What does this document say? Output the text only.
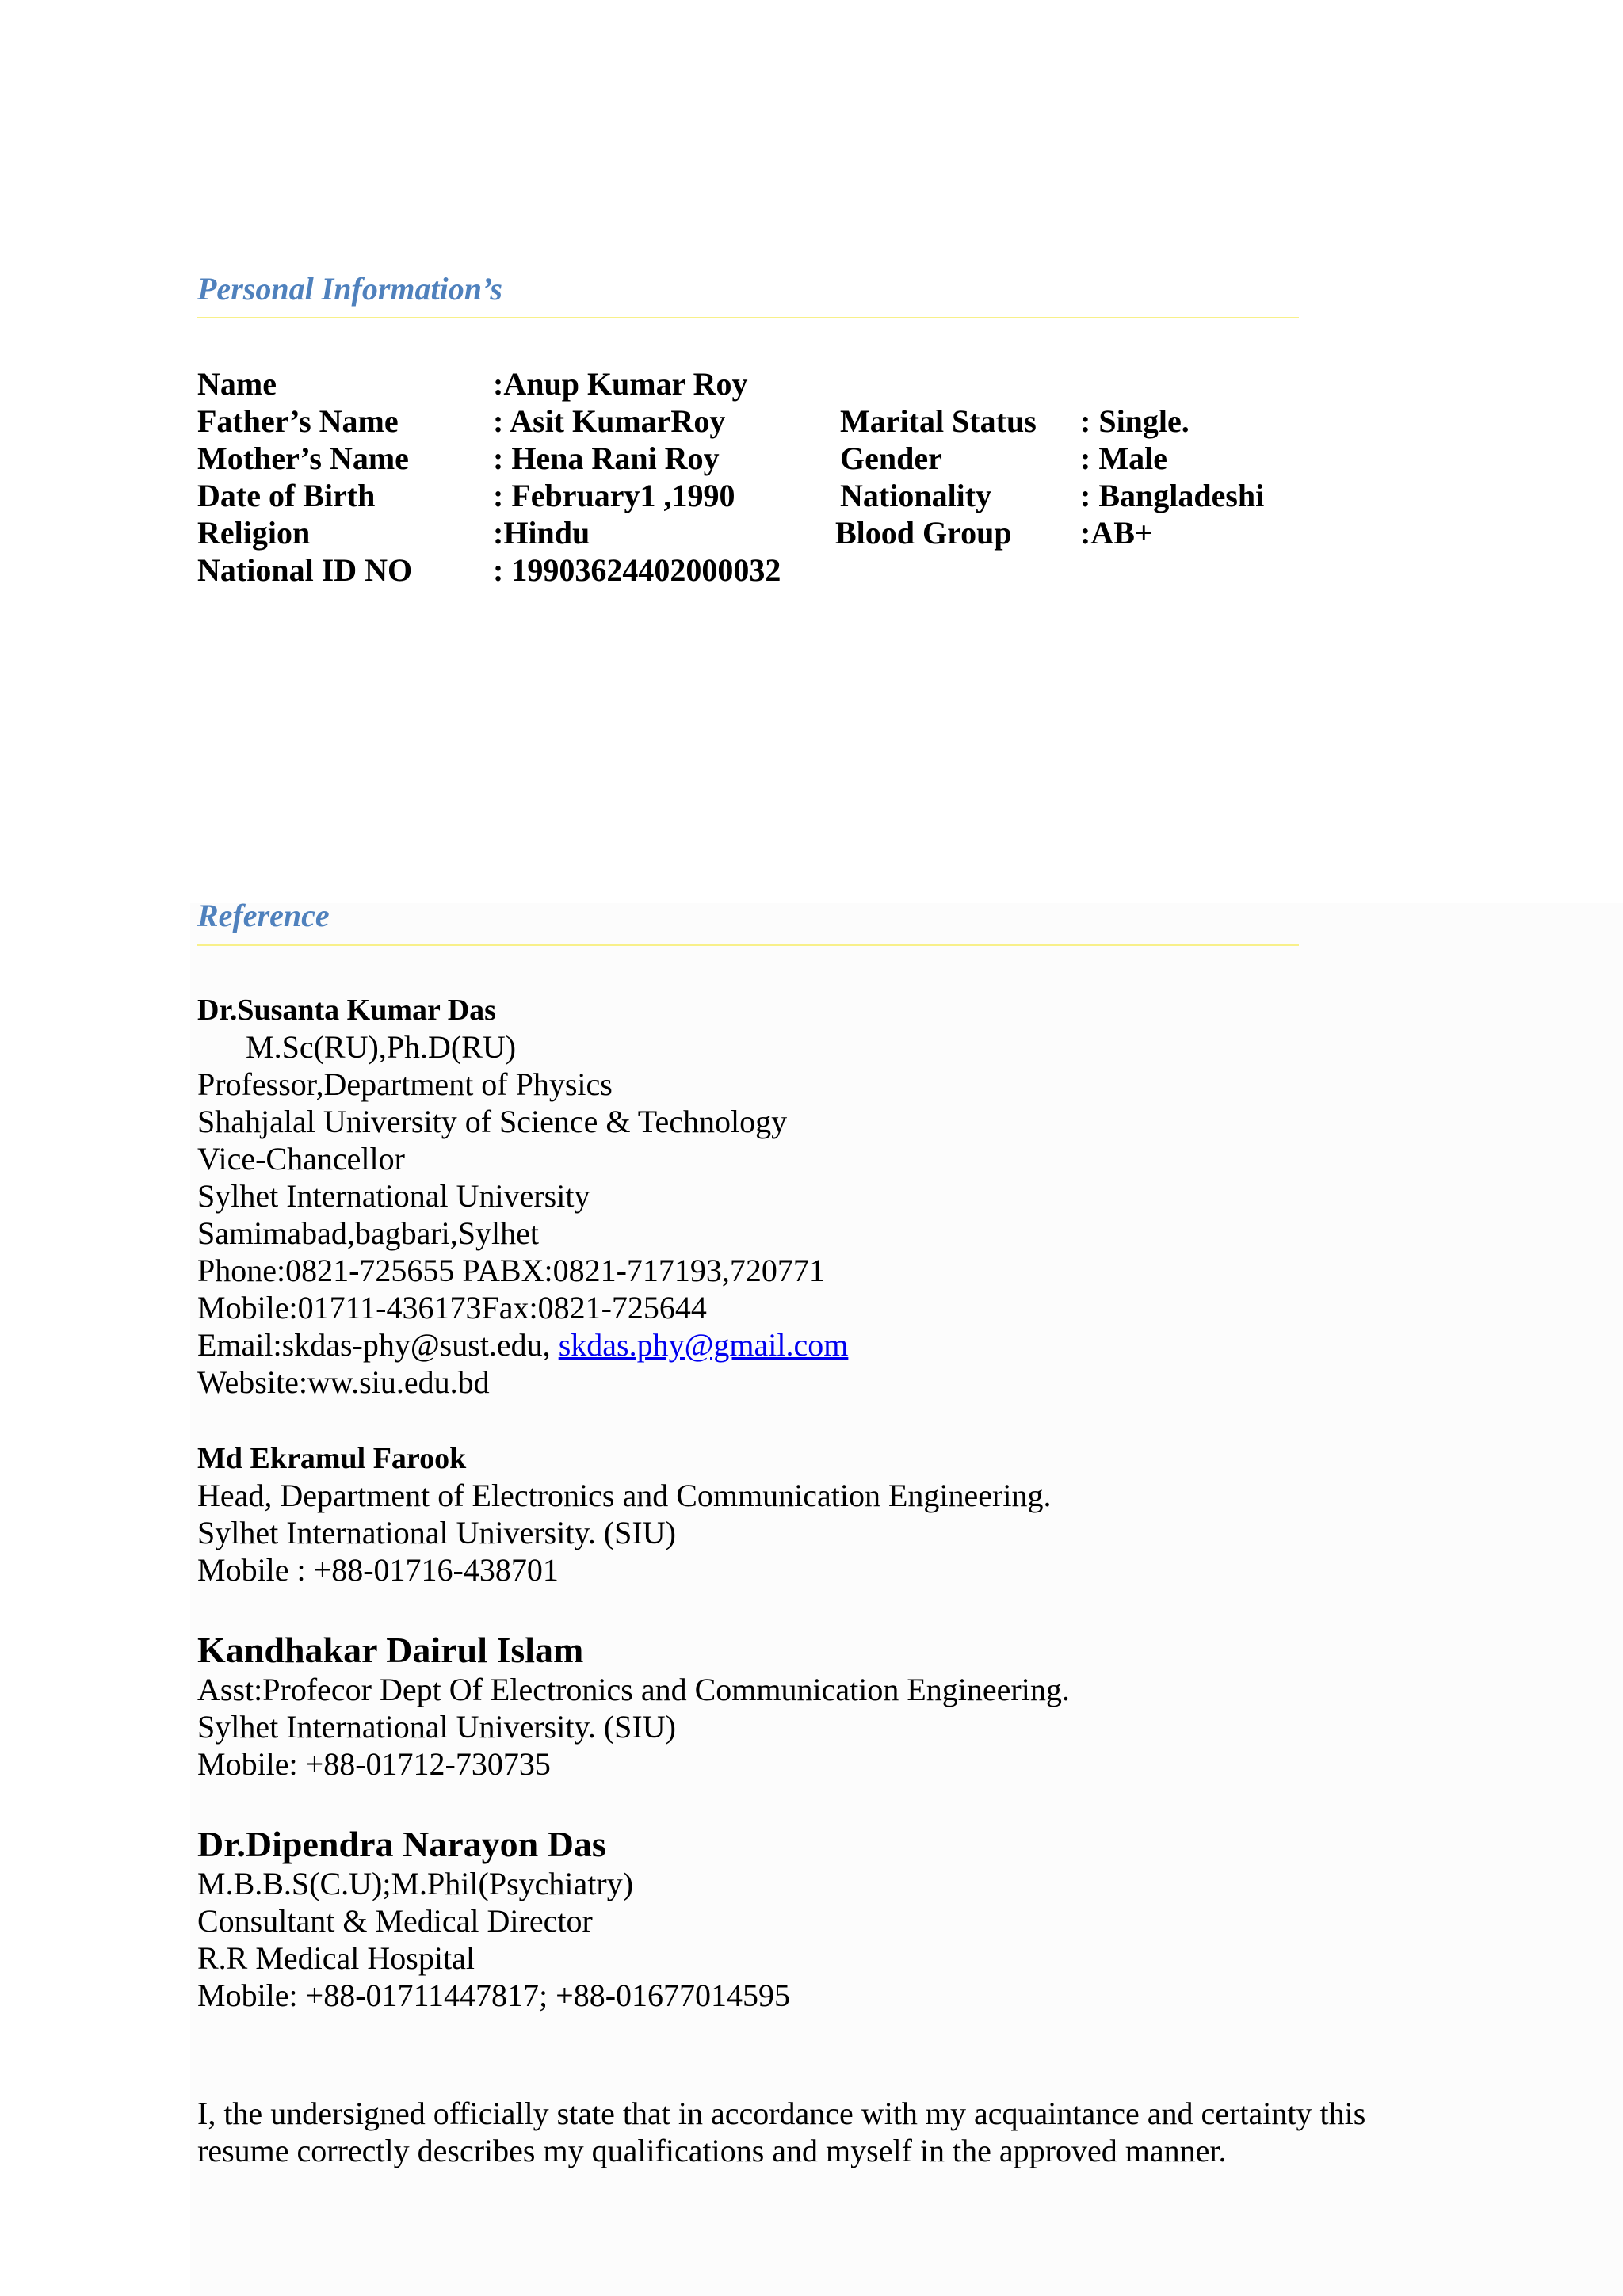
Personal Information’s
Name	:Anup Kumar Roy
Father’s Name	: Asit KumarRoy	Marital Status : Single.
Mother’s Name	: Hena Rani Roy	Gender	: Male
Date of Birth	: February1 ,1990	Nationality	: Bangladeshi
Religion	:Hindu	Blood Group :AB+
National ID NO	: 19903624402000032
Reference
Dr.Susanta Kumar Das
M.Sc(RU),Ph.D(RU)
Professor,Department of Physics
Shahjalal University of Science & Technology
Vice-Chancellor
Sylhet International University
Samimabad,bagbari,Sylhet
Phone:0821-725655 PABX:0821-717193,720771
Mobile:01711-436173Fax:0821-725644
Email:skdas-phy@sust.edu, skdas.phy@gmail.com
Website:ww.siu.edu.bd
Md Ekramul Farook
Head, Department of Electronics and Communication Engineering.
Sylhet International University. (SIU)
Mobile : +88-01716-438701
Kandhakar Dairul Islam
Asst:Profecor Dept Of Electronics and Communication Engineering.
Sylhet International University. (SIU)
Mobile: +88-01712-730735
Dr.Dipendra Narayon Das
M.B.B.S(C.U);M.Phil(Psychiatry)
Consultant & Medical Director
R.R Medical Hospital
Mobile: +88-01711447817; +88-01677014595
I, the undersigned officially state that in accordance with my acquaintance and certainty this
resume correctly describes my qualifications and myself in the approved manner.
